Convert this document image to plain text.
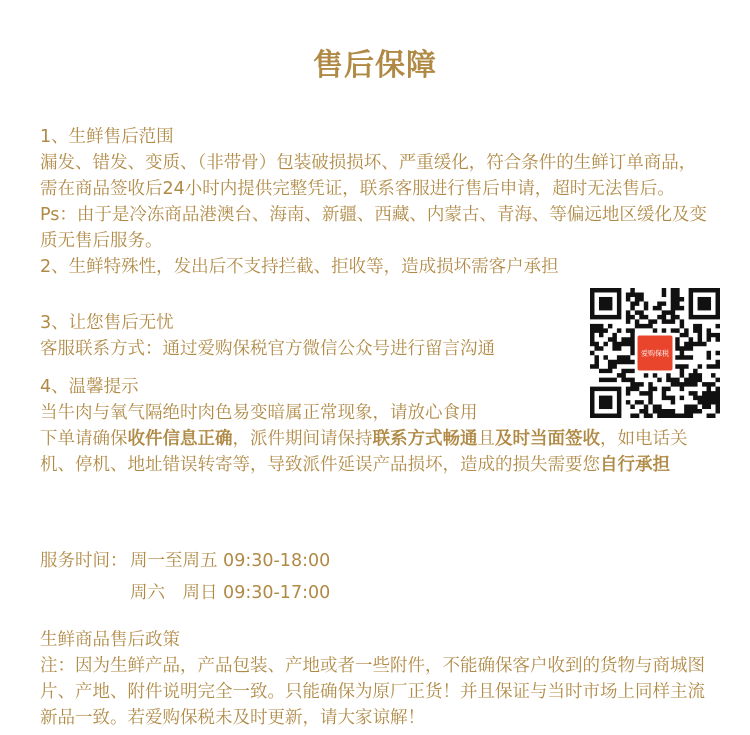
售后保障
1、生鲜售后范围
漏发、错发、变质、（非带骨）包装破损损坏、严重缓化，符合条件的生鲜订单商品，
需在商品签收后24小时内提供完整凭证，联系客服进行售后申请，超时无法售后。
Ps：由于是冷冻商品港澳台、海南、新疆、西藏、内蒙古、青海、等偏远地区缓化及变
质无售后服务。
2、生鲜特殊性，发出后不支持拦截、拒收等，造成损坏需客户承担
3、让您售后无忧
客服联系方式：通过爱购保税官方微信公众号进行留言沟通
4、温馨提示
当牛肉与氧气隔绝时肉色易变暗属正常现象，请放心食用
下单请确保收件信息正确，派件期间请保持联系方式畅通且及时当面签收，如电话关
机、停机、地址错误转寄等，导致派件延误产品损坏，造成的损失需要您自行承担
爱购保税
服务时间： 周一至周五 09:30-18:00
周六　周日 09:30-17:00
生鲜商品售后政策
注：因为生鲜产品，产品包装、产地或者一些附件，不能确保客户收到的货物与商城图
片、产地、附件说明完全一致。只能确保为原厂正货！并且保证与当时市场上同样主流
新品一致。若爱购保税未及时更新，请大家谅解！
